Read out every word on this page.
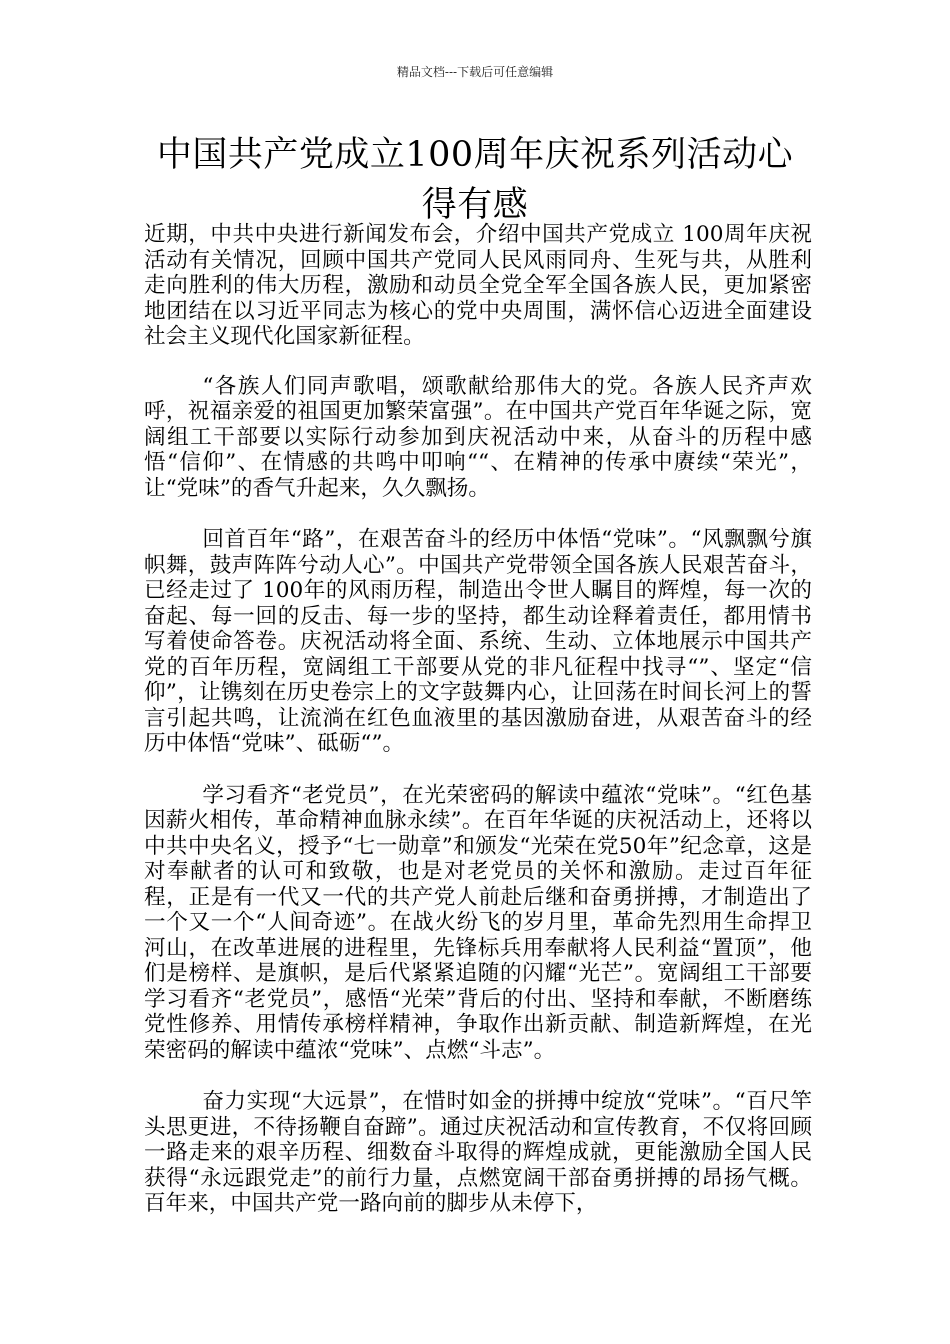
精品文档---下载后可任意编辑
中国共产党成立100周年庆祝系列活动心得有感

近期，中共中央进行新闻发布会，介绍中国共产党成立 100周年庆祝活动有关情况，回顾中国共产党同人民风雨同舟、生死与共，从胜利走向胜利的伟大历程，激励和动员全党全军全国各族人民，更加紧密地团结在以习近平同志为核心的党中央周围，满怀信心迈进全面建设社会主义现代化国家新征程。

“各族人们同声歌唱，颂歌献给那伟大的党。各族人民齐声欢呼，祝福亲爱的祖国更加繁荣富强”。在中国共产党百年华诞之际，宽阔组工干部要以实际行动参加到庆祝活动中来，从奋斗的历程中感悟“信仰”、在情感的共鸣中叩响““、在精神的传承中赓续“荣光”，让“党味”的香气升起来，久久飘扬。

回首百年“路”，在艰苦奋斗的经历中体悟“党味”。“风飘飘兮旗帜舞，鼓声阵阵兮动人心”。中国共产党带领全国各族人民艰苦奋斗，已经走过了 100年的风雨历程，制造出令世人瞩目的辉煌，每一次的奋起、每一回的反击、每一步的坚持，都生动诠释着责任，都用情书写着使命答卷。庆祝活动将全面、系统、生动、立体地展示中国共产党的百年历程，宽阔组工干部要从党的非凡征程中找寻“”、坚定“信仰”，让镌刻在历史卷宗上的文字鼓舞内心，让回荡在时间长河上的誓言引起共鸣，让流淌在红色血液里的基因激励奋进，从艰苦奋斗的经历中体悟“党味”、砥砺“”。

学习看齐“老党员”，在光荣密码的解读中蕴浓“党味”。“红色基因薪火相传，革命精神血脉永续”。在百年华诞的庆祝活动上，还将以中共中央名义，授予“七一勋章”和颁发“光荣在党50年”纪念章，这是对奉献者的认可和致敬，也是对老党员的关怀和激励。走过百年征程，正是有一代又一代的共产党人前赴后继和奋勇拼搏，才制造出了一个又一个“人间奇迹”。在战火纷飞的岁月里，革命先烈用生命捍卫河山，在改革进展的进程里，先锋标兵用奉献将人民利益“置顶”，他们是榜样、是旗帜，是后代紧紧追随的闪耀“光芒”。宽阔组工干部要学习看齐“老党员”，感悟“光荣”背后的付出、坚持和奉献，不断磨练党性修养、用情传承榜样精神，争取作出新贡献、制造新辉煌，在光荣密码的解读中蕴浓“党味”、点燃“斗志”。

奋力实现“大远景”，在惜时如金的拼搏中绽放“党味”。“百尺竿头思更进，不待扬鞭自奋蹄”。通过庆祝活动和宣传教育，不仅将回顾一路走来的艰辛历程、细数奋斗取得的辉煌成就，更能激励全国人民获得“永远跟党走”的前行力量，点燃宽阔干部奋勇拼搏的昂扬气概。百年来，中国共产党一路向前的脚步从未停下，
